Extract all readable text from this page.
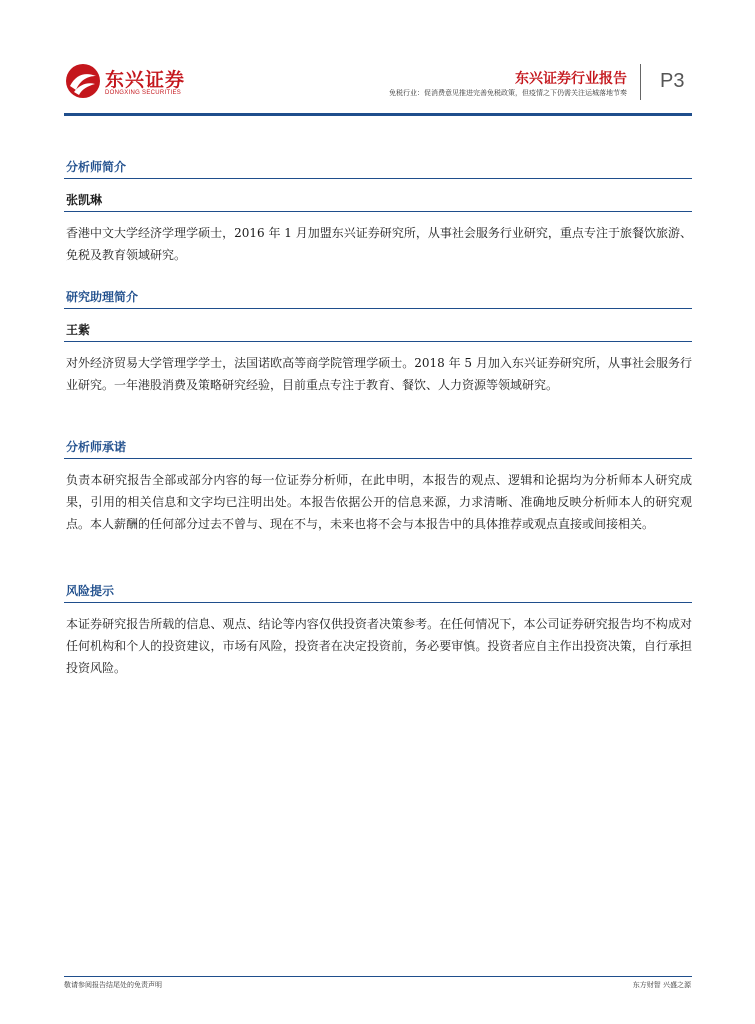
东兴证券
DONGXING SECURITIES
东兴证券行业报告
免税行业：促消费意见推进完善免税政策，但疫情之下仍需关注运城落地节奏
P3
分析师简介
张凯琳
香港中文大学经济学理学硕士，2016 年 1 月加盟东兴证券研究所，从事社会服务行业研究，重点专注于旅餐饮旅游、免税及教育领域研究。
研究助理简介
王紫
对外经济贸易大学管理学学士，法国诺欧高等商学院管理学硕士。2018 年 5 月加入东兴证券研究所，从事社会服务行业研究。一年港股消费及策略研究经验，目前重点专注于教育、餐饮、人力资源等领域研究。
分析师承诺
负责本研究报告全部或部分内容的每一位证券分析师，在此申明，本报告的观点、逻辑和论据均为分析师本人研究成果，引用的相关信息和文字均已注明出处。本报告依据公开的信息来源，力求清晰、准确地反映分析师本人的研究观点。本人薪酬的任何部分过去不曾与、现在不与，未来也将不会与本报告中的具体推荐或观点直接或间接相关。
风险提示
本证券研究报告所载的信息、观点、结论等内容仅供投资者决策参考。在任何情况下，本公司证券研究报告均不构成对任何机构和个人的投资建议，市场有风险，投资者在决定投资前，务必要审慎。投资者应自主作出投资决策，自行承担投资风险。
敬请参阅报告结尾处的免责声明	东方财智 兴盛之源
